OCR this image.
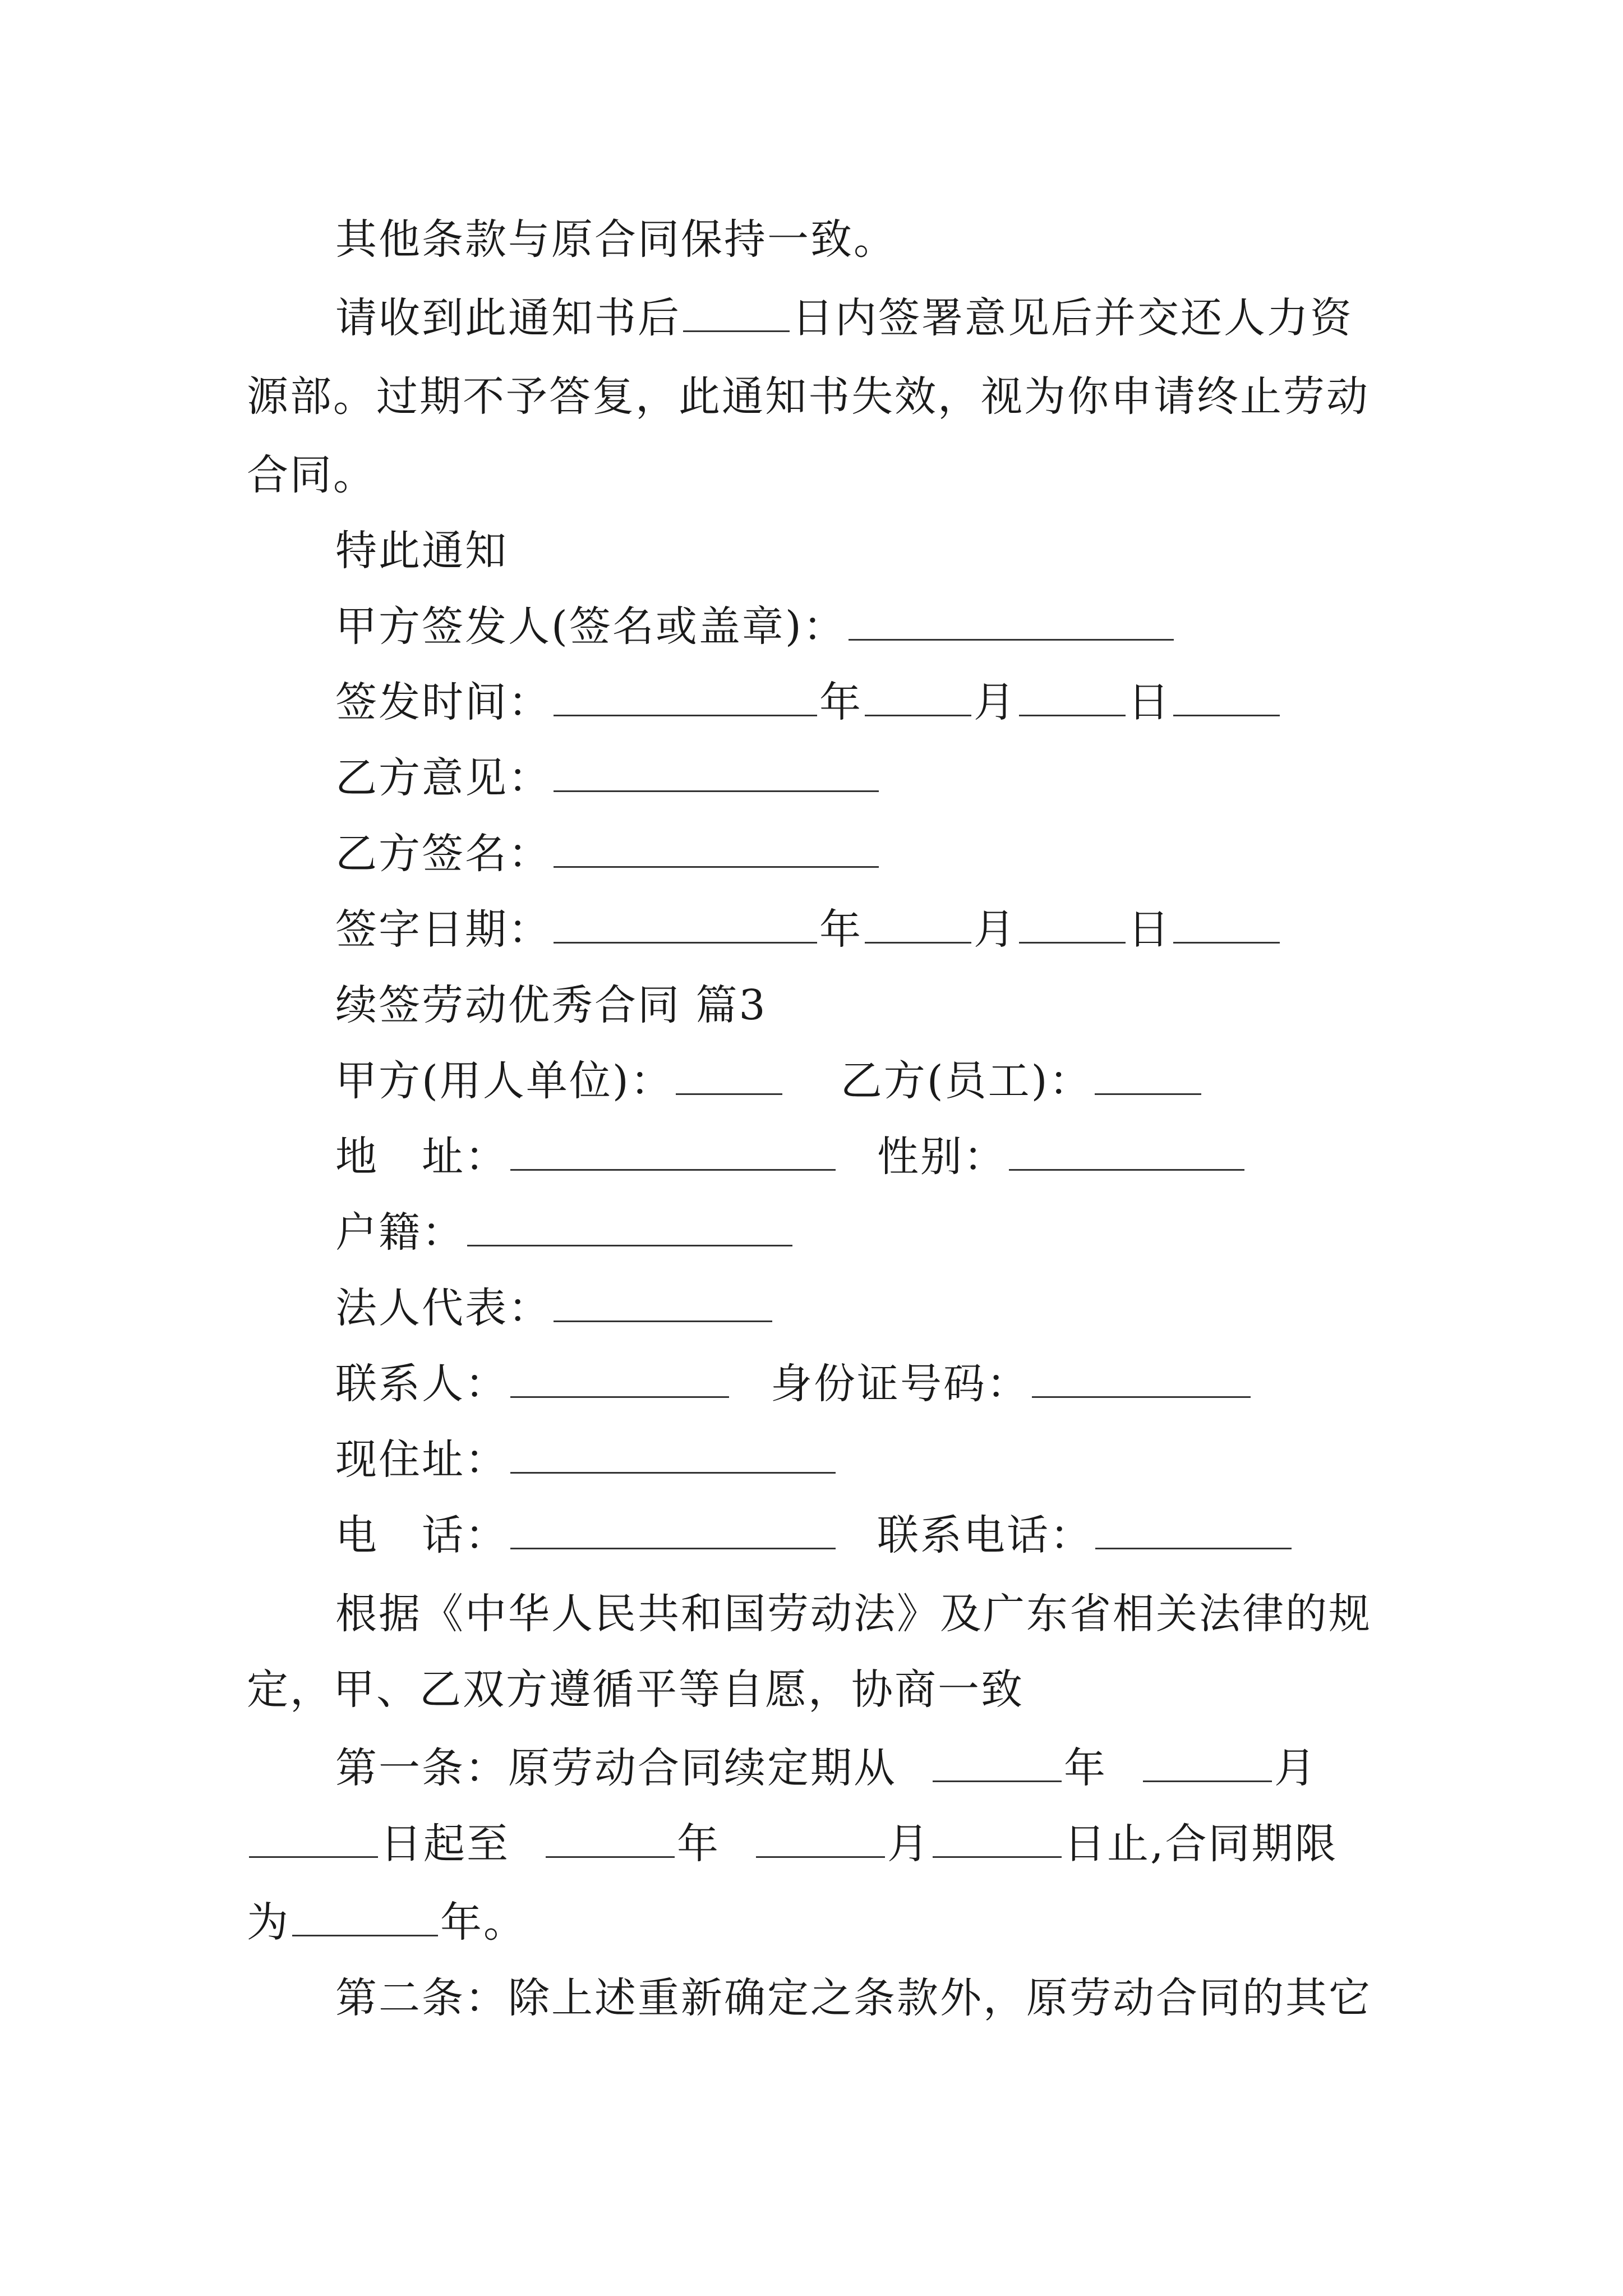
其他条款与原合同保持一致。
请收到此通知书后	日内签署意见后并交还人力资
源部。过期不予答复，此通知书失效，视为你申请终止劳动
合同。
特此通知
甲方签发人(签名或盖章)：
签发时间：	年	月	日
乙方意见：
乙方签名：
签字日期：	年	月	日
续签劳动优秀合同 篇3
甲方(用人单位)：	乙方(员工)：
地　址：	性别：
户籍：
法人代表：
联系人：	身份证号码：
现住址：
电　话：	联系电话：
根据《中华人民共和国劳动法》及广东省相关法律的规
定，甲、乙双方遵循平等自愿，协商一致
第一条：原劳动合同续定期从	年	月
日起至	年	月	日止,合同期限
为	年。
第二条：除上述重新确定之条款外，原劳动合同的其它
